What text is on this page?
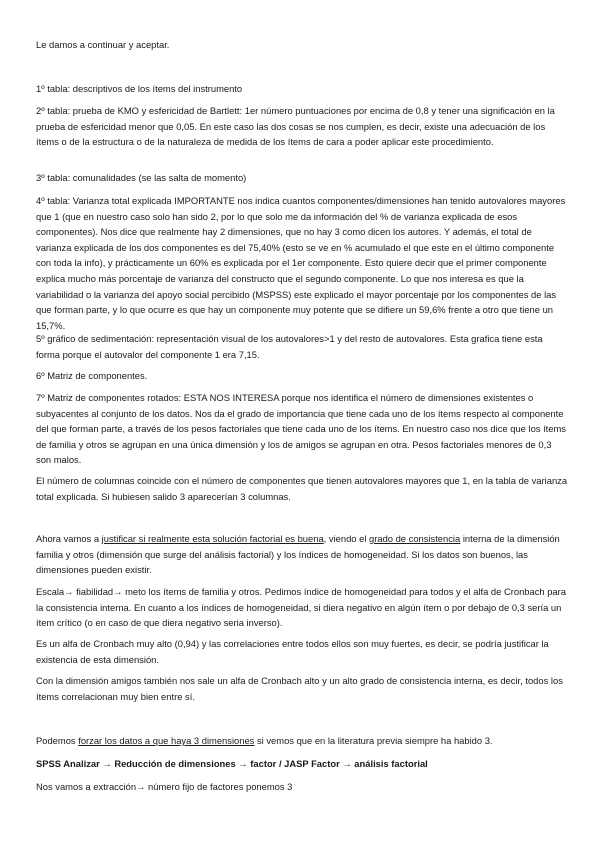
Le damos a continuar y aceptar.

1º tabla: descriptivos de los ítems del instrumento

2º tabla: prueba de KMO y esfericidad de Bartlett: 1er número puntuaciones por encima de 0,8 y tener una significación en la prueba de esfericidad menor que 0,05. En este caso las dos cosas se nos cumplen, es decir, existe una adecuación de los ítems o de la estructura o de la naturaleza de medida de los ítems de cara a poder aplicar este procedimiento.

3º tabla: comunalidades (se las salta de momento)

4º tabla: Varianza total explicada IMPORTANTE nos indica cuantos componentes/dimensiones han tenido autovalores mayores que 1 (que en nuestro caso solo han sido 2, por lo que solo me da información del % de varianza explicada de esos componentes). Nos dice que realmente hay 2 dimensiones, que no hay 3 como dicen los autores. Y además, el total de varianza explicada de los dos componentes es del 75,40% (esto se ve en % acumulado el que este en el último componente con toda la info), y prácticamente un 60% es explicada por el 1er componente. Esto quiere decir que el primer componente explica mucho más porcentaje de varianza del constructo que el segundo componente. Lo que nos interesa es que la variabilidad o la varianza del apoyo social percibido (MSPSS) este explicado el mayor porcentaje por los componentes de las que forman parte, y lo que ocurre es que hay un componente muy potente que se difiere un 59,6% frente a otro que tiene un 15,7%.

5º gráfico de sedimentación: representación visual de los autovalores>1 y del resto de autovalores. Esta grafica tiene esta forma porque el autovalor del componente 1 era 7,15.

6º Matriz de componentes.

7º Matriz de componentes rotados: ESTA NOS INTERESA porque nos identifica el número de dimensiones existentes o subyacentes al conjunto de los datos. Nos da el grado de importancia que tiene cada uno de los ítems respecto al componente del que forman parte, a través de los pesos factoriales que tiene cada uno de los ítems. En nuestro caso nos dice que los ítems de familia y otros se agrupan en una única dimensión y los de amigos se agrupan en otra. Pesos factoriales menores de 0,3 son malos.

El número de columnas coincide con el número de componentes que tienen autovalores mayores que 1, en la tabla de varianza total explicada. Si hubiesen salido 3 aparecerían 3 columnas.

Ahora vamos a justificar si realmente esta solución factorial es buena, viendo el grado de consistencia interna de la dimensión familia y otros (dimensión que surge del análisis factorial) y los índices de homogeneidad. Si los datos son buenos, las dimensiones pueden existir.

Escala→ fiabilidad→ meto los ítems de familia y otros. Pedimos índice de homogeneidad para todos y el alfa de Cronbach para la consistencia interna. En cuanto a los índices de homogeneidad, si diera negativo en algún ítem o por debajo de 0,3 sería un ítem crítico (o en caso de que diera negativo seria inverso).

Es un alfa de Cronbach muy alto (0,94) y las correlaciones entre todos ellos son muy fuertes, es decir, se podría justificar la existencia de esta dimensión.

Con la dimensión amigos también nos sale un alfa de Cronbach alto y un alto grado de consistencia interna, es decir, todos los ítems correlacionan muy bien entre sí.

Podemos forzar los datos a que haya 3 dimensiones si vemos que en la literatura previa siempre ha habido 3.

SPSS Analizar → Reducción de dimensiones → factor / JASP Factor → análisis factorial

Nos vamos a extracción→ número fijo de factores ponemos 3
